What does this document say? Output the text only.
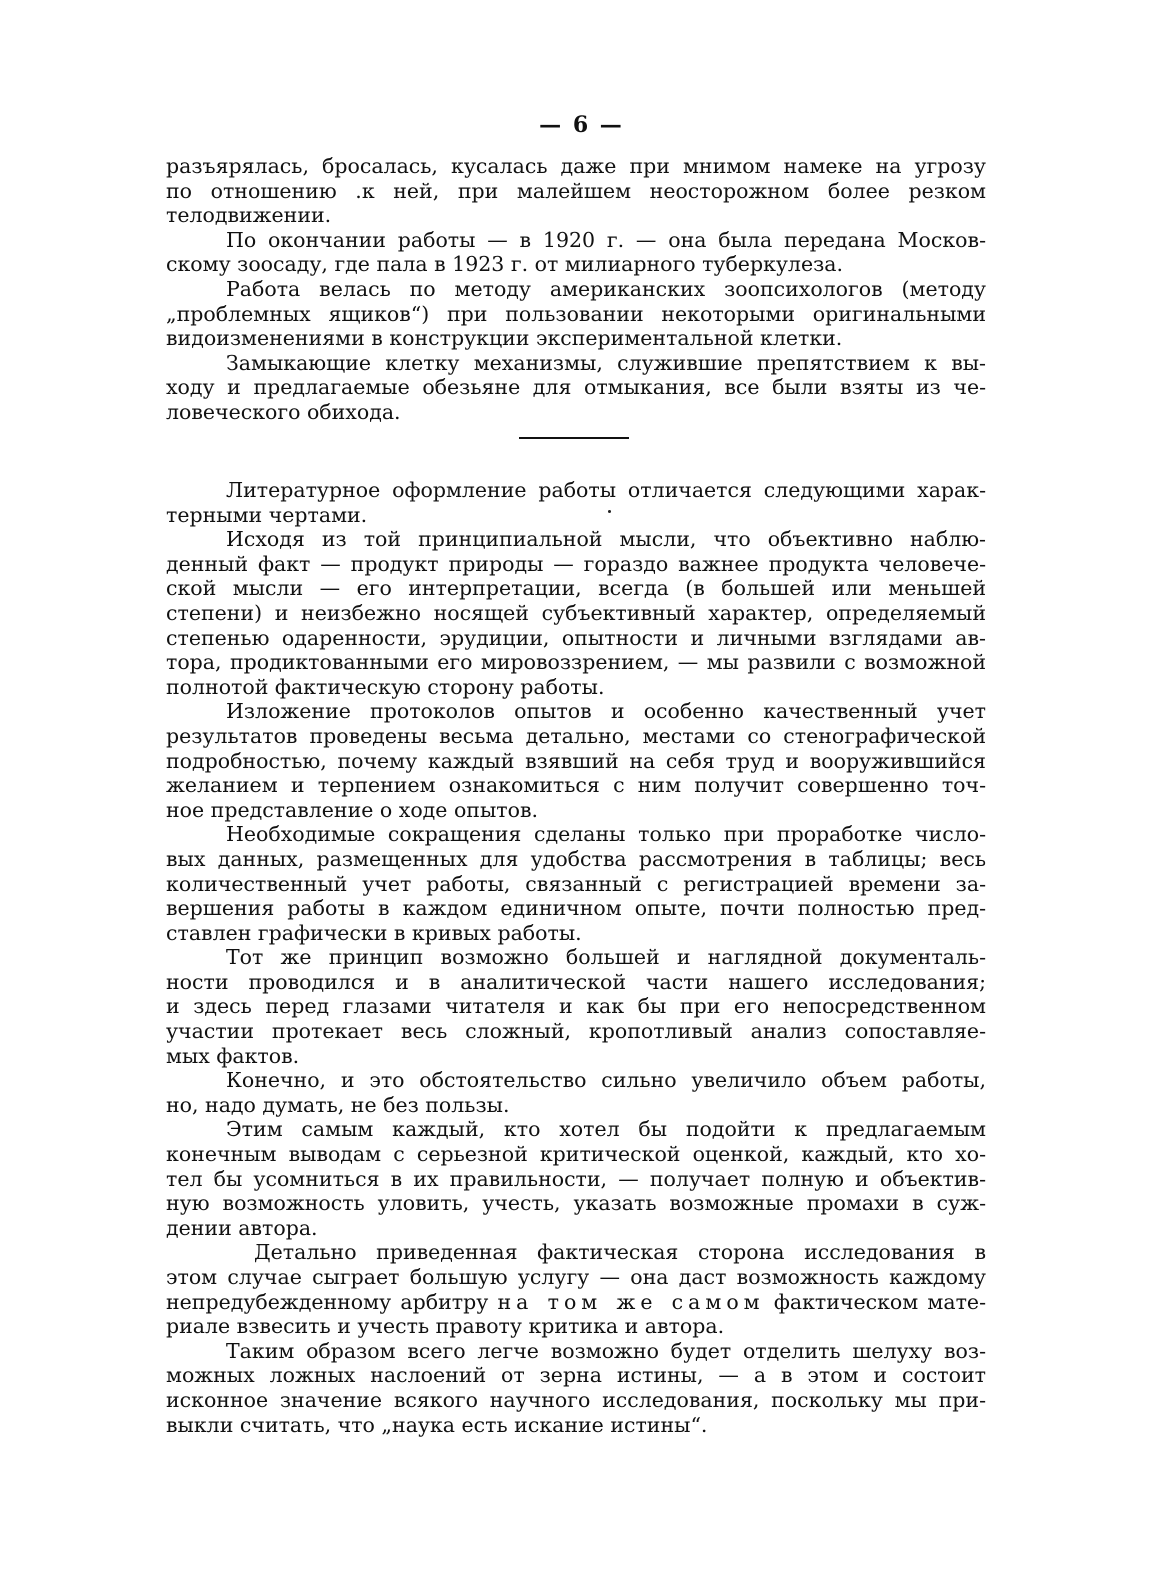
— 6 —
разъярялась, бросалась, кусалась даже при мнимом намеке на угрозу
по отношению .к ней, при малейшем неосторожном более резком
телодвижении.
По окончании работы — в 1920 г. — она была передана Москов-
скому зоосаду, где пала в 1923 г. от милиарного туберкулеза.
Работа велась по методу американских зоопсихологов (методу
„проблемных ящиков“) при пользовании некоторыми оригинальными
видоизменениями в конструкции экспериментальной клетки.
Замыкающие клетку механизмы, служившие препятствием к вы-
ходу и предлагаемые обезьяне для отмыкания, все были взяты из че-
ловеческого обихода.
Литературное оформление работы отличается следующими харак-
терными чертами.
Исходя из той принципиальной мысли, что объективно наблю-
денный факт — продукт природы — гораздо важнее продукта человече-
ской мысли — его интерпретации, всегда (в большей или меньшей
степени) и неизбежно носящей субъективный характер, определяемый
степенью одаренности, эрудиции, опытности и личными взглядами ав-
тора, продиктованными его мировоззрением, — мы развили с возможной
полнотой фактическую сторону работы.
Изложение протоколов опытов и особенно качественный учет
результатов проведены весьма детально, местами со стенографической
подробностью, почему каждый взявший на себя труд и вооружившийся
желанием и терпением ознакомиться с ним получит совершенно точ-
ное представление о ходе опытов.
Необходимые сокращения сделаны только при проработке число-
вых данных, размещенных для удобства рассмотрения в таблицы; весь
количественный учет работы, связанный с регистрацией времени за-
вершения работы в каждом единичном опыте, почти полностью пред-
ставлен графически в кривых работы.
Тот же принцип возможно большей и наглядной документаль-
ности проводился и в аналитической части нашего исследования;
и здесь перед глазами читателя и как бы при его непосредственном
участии протекает весь сложный, кропотливый анализ сопоставляе-
мых фактов.
Конечно, и это обстоятельство сильно увеличило объем работы,
но, надо думать, не без пользы.
Этим самым каждый, кто хотел бы подойти к предлагаемым
конечным выводам с серьезной критической оценкой, каждый, кто хо-
тел бы усомниться в их правильности, — получает полную и объектив-
ную возможность уловить, учесть, указать возможные промахи в суж-
дении автора.
Детально приведенная фактическая сторона исследования в
этом случае сыграет большую услугу — она даст возможность каждому
непредубежденному арбитру на том же самом фактическом мате-
риале взвесить и учесть правоту критика и автора.
Таким образом всего легче возможно будет отделить шелуху воз-
можных ложных наслоений от зерна истины, — а в этом и состоит
исконное значение всякого научного исследования, поскольку мы при-
выкли считать, что „наука есть искание истины“.
